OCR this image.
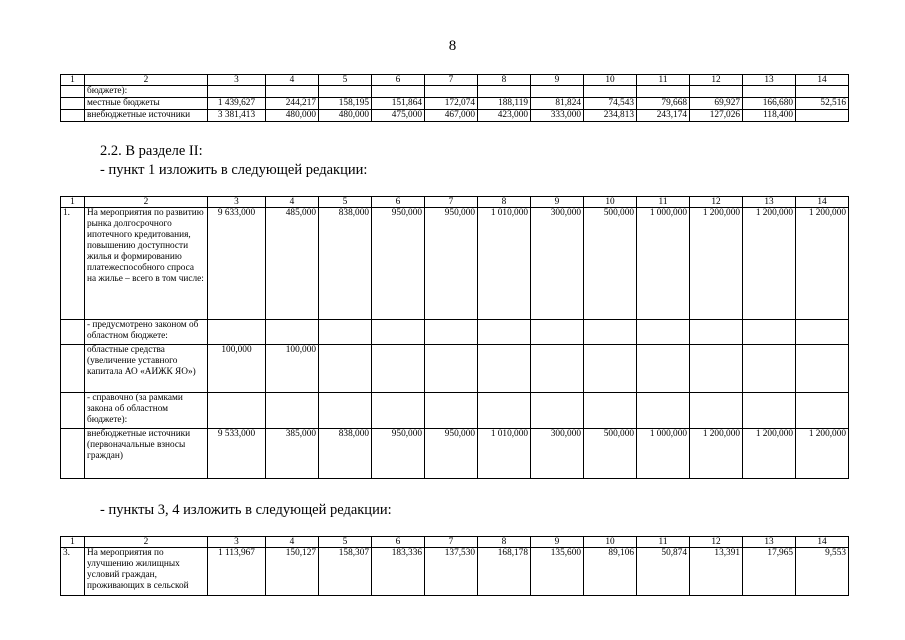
8
1	2	3	4	5	6	7	8	9	10	11	12	13	14
	бюджете):												
	местные бюджеты	1 439,627	244,217	158,195	151,864	172,074	188,119	81,824	74,543	79,668	69,927	166,680	52,516
	внебюджетные источники	3 381,413	480,000	480,000	475,000	467,000	423,000	333,000	234,813	243,174	127,026	118,400	
2.2. В разделе II:
- пункт 1 изложить в следующей редакции:
1	2	3	4	5	6	7	8	9	10	11	12	13	14
1.	На мероприятия по развитию рынка долгосрочного ипотечного кредитования, повышению доступности жилья и формированию платежеспособного спроса на жилье – всего в том числе:	9 633,000	485,000	838,000	950,000	950,000	1 010,000	300,000	500,000	1 000,000	1 200,000	1 200,000	1 200,000
	- предусмотрено законом об областном бюджете:												
	областные средства (увеличение уставного капитала АО «АИЖК ЯО»)	100,000	100,000										
	- справочно (за рамками закона об областном бюджете):												
	внебюджетные источники (первоначальные взносы граждан)	9 533,000	385,000	838,000	950,000	950,000	1 010,000	300,000	500,000	1 000,000	1 200,000	1 200,000	1 200,000
- пункты 3, 4 изложить в следующей редакции:
1	2	3	4	5	6	7	8	9	10	11	12	13	14
3.	На мероприятия по улучшению жилищных условий граждан, проживающих в сельской	1 113,967	150,127	158,307	183,336	137,530	168,178	135,600	89,106	50,874	13,391	17,965	9,553
